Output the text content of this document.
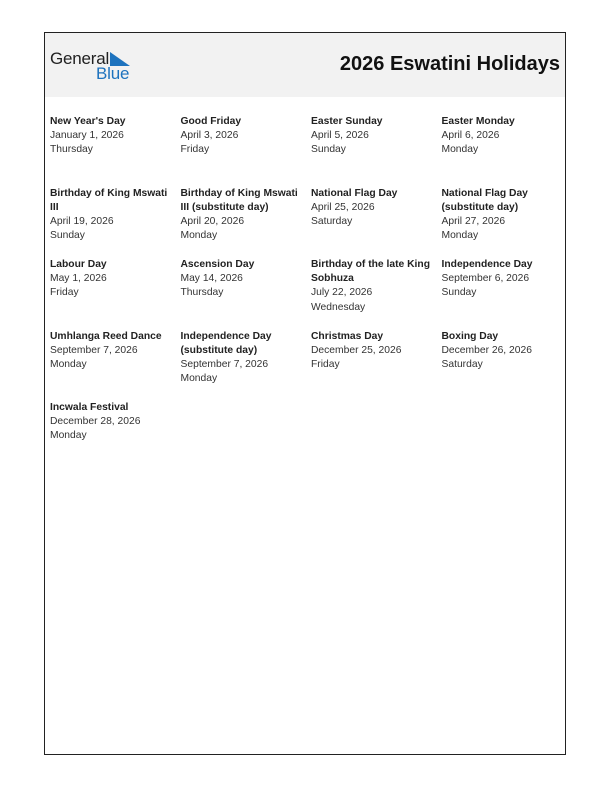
General
Blue	2026 Eswatini Holidays
New Year's Day
January 1, 2026
Thursday
Good Friday
April 3, 2026
Friday
Easter Sunday
April 5, 2026
Sunday
Easter Monday
April 6, 2026
Monday
Birthday of King Mswati III
April 19, 2026
Sunday
Birthday of King Mswati III (substitute day)
April 20, 2026
Monday
National Flag Day
April 25, 2026
Saturday
National Flag Day (substitute day)
April 27, 2026
Monday
Labour Day
May 1, 2026
Friday
Ascension Day
May 14, 2026
Thursday
Birthday of the late King Sobhuza
July 22, 2026
Wednesday
Independence Day
September 6, 2026
Sunday
Umhlanga Reed Dance
September 7, 2026
Monday
Independence Day (substitute day)
September 7, 2026
Monday
Christmas Day
December 25, 2026
Friday
Boxing Day
December 26, 2026
Saturday
Incwala Festival
December 28, 2026
Monday
